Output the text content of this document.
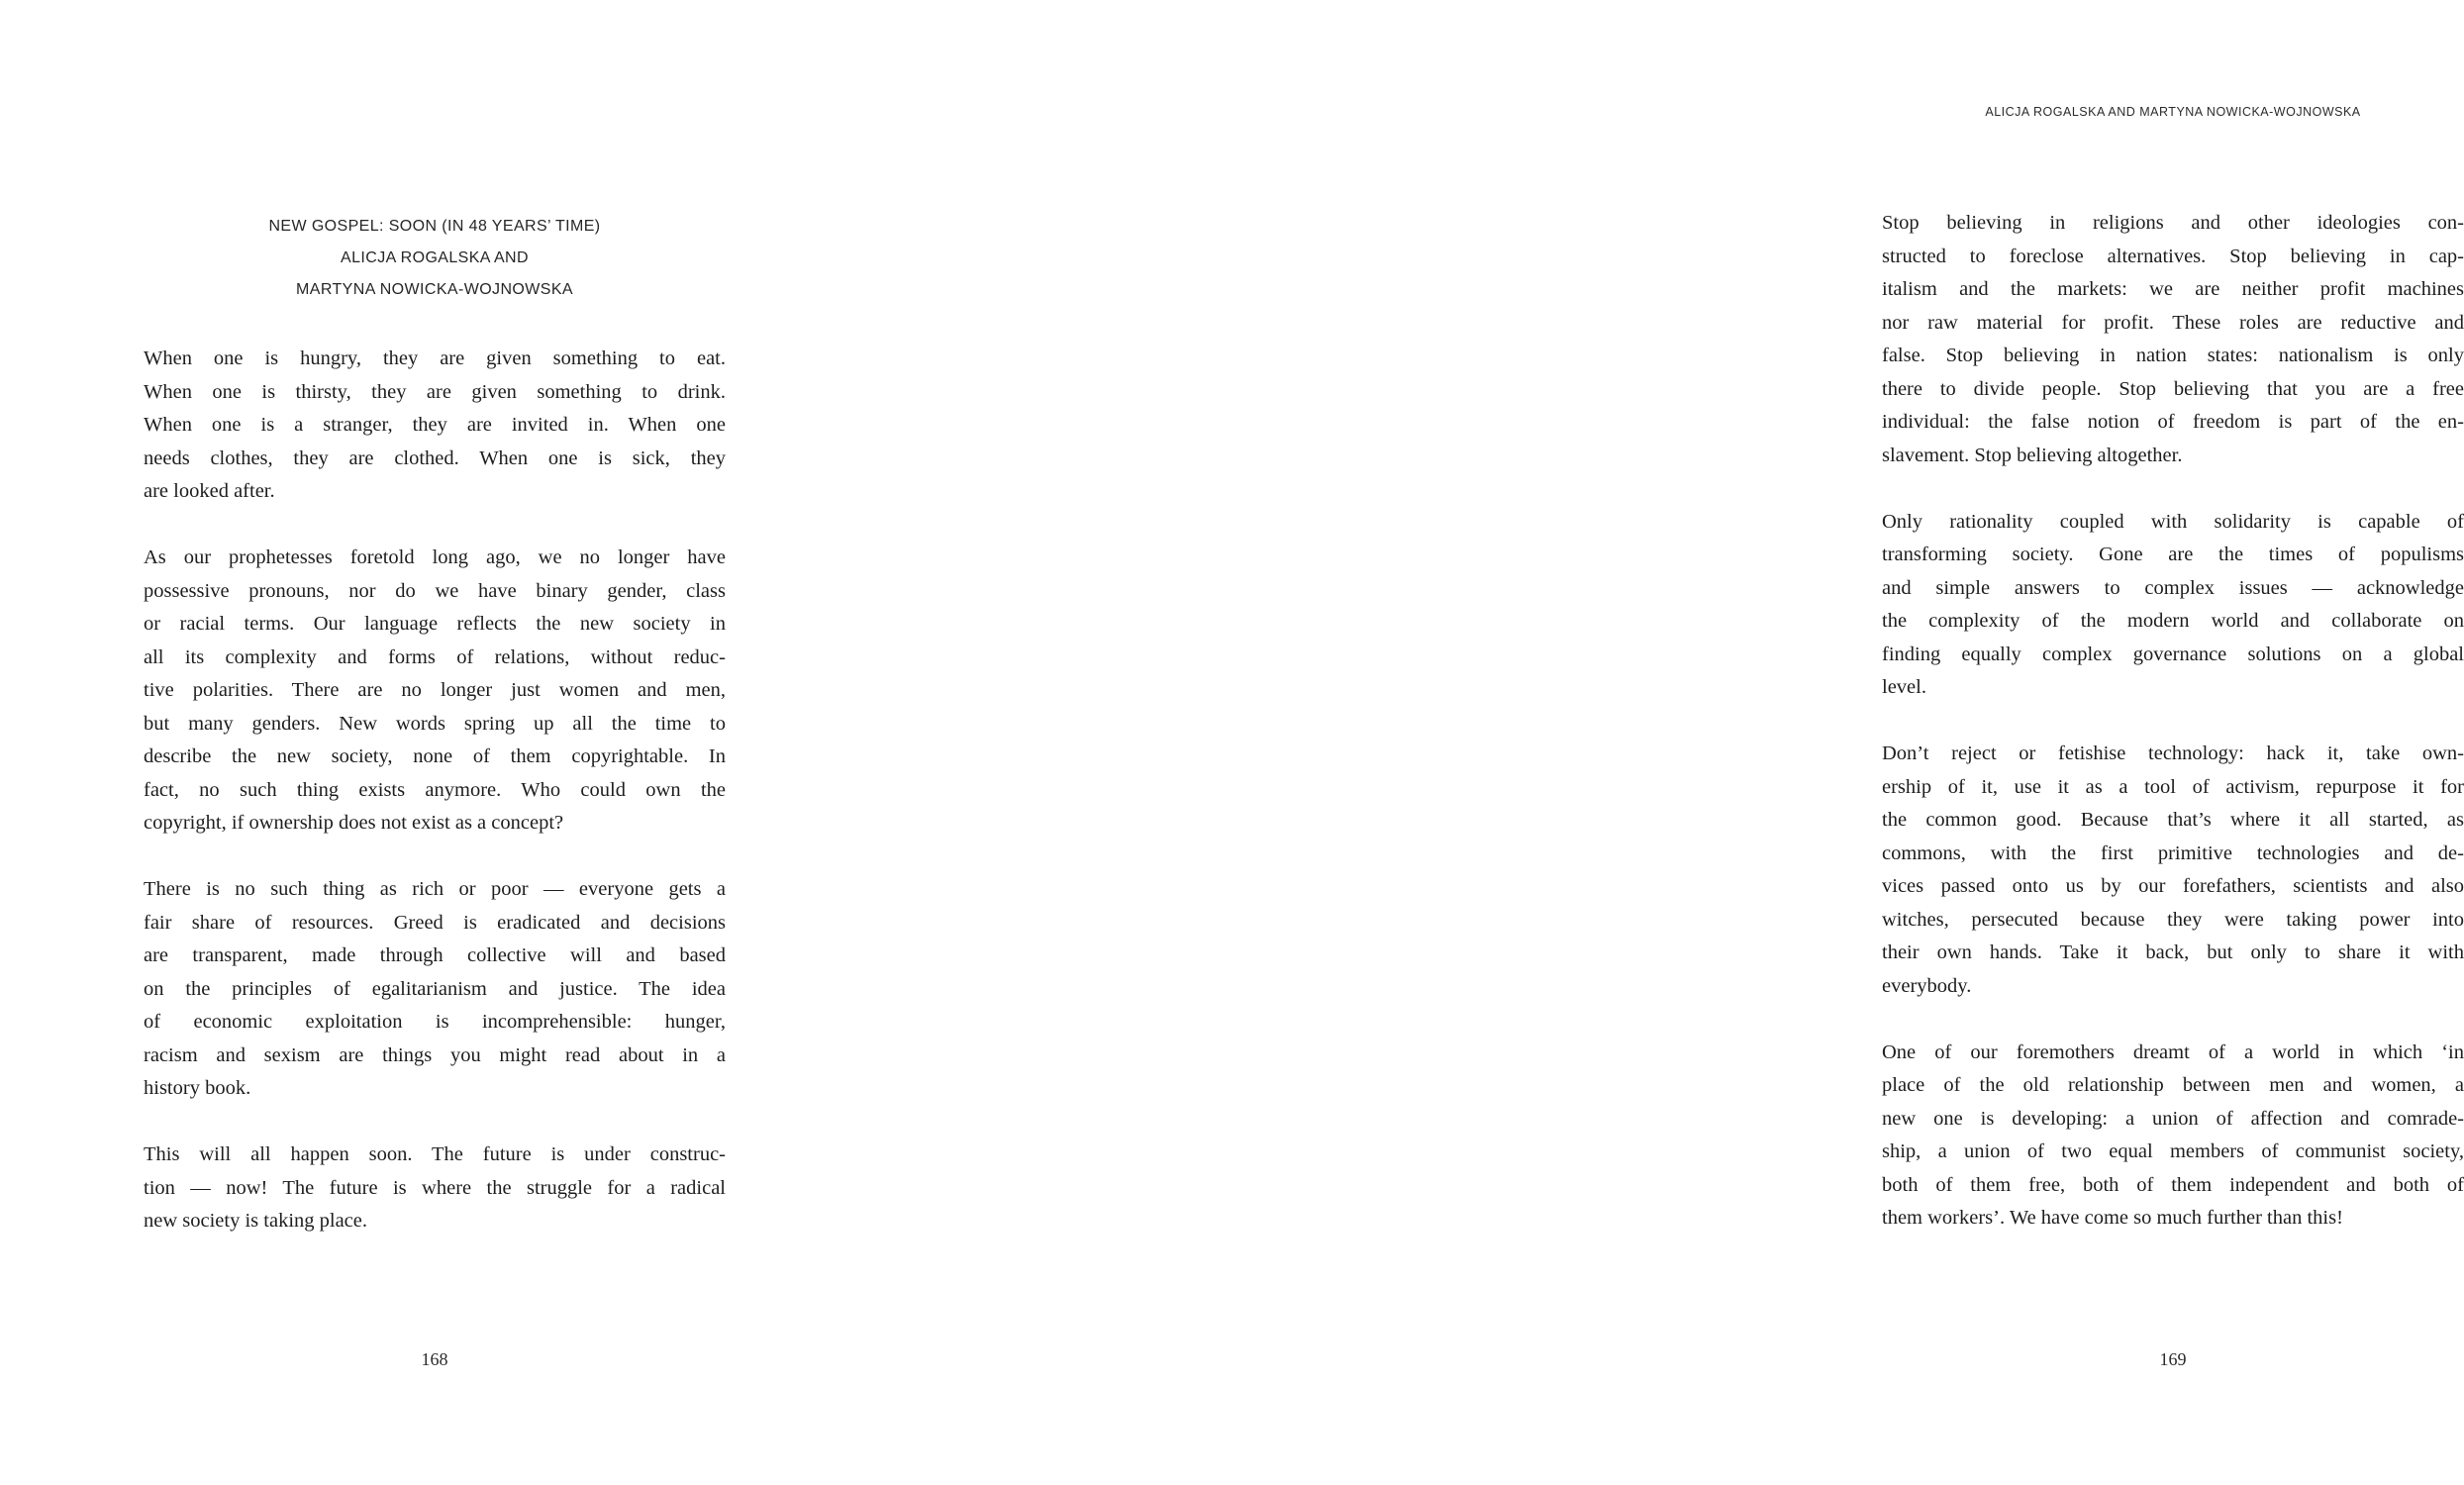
NEW GOSPEL: SOON (IN 48 YEARS’ TIME)
ALICJA ROGALSKA AND
MARTYNA NOWICKA-WOJNOWSKA
When one is hungry, they are given something to eat.
When one is thirsty, they are given something to drink.
When one is a stranger, they are invited in. When one
needs clothes, they are clothed. When one is sick, they
are looked after.
As our prophetesses foretold long ago, we no longer have
possessive pronouns, nor do we have binary gender, class
or racial terms. Our language reflects the new society in
all its complexity and forms of relations, without reduc-
tive polarities. There are no longer just women and men,
but many genders. New words spring up all the time to
describe the new society, none of them copyrightable. In
fact, no such thing exists anymore. Who could own the
copyright, if ownership does not exist as a concept?
There is no such thing as rich or poor — everyone gets a
fair share of resources. Greed is eradicated and decisions
are transparent, made through collective will and based
on the principles of egalitarianism and justice. The idea
of economic exploitation is incomprehensible: hunger,
racism and sexism are things you might read about in a
history book.
This will all happen soon. The future is under construc-
tion — now! The future is where the struggle for a radical
new society is taking place.
168
ALICJA ROGALSKA AND MARTYNA NOWICKA-WOJNOWSKA
Stop believing in religions and other ideologies con-
structed to foreclose alternatives. Stop believing in cap-
italism and the markets: we are neither profit machines
nor raw material for profit. These roles are reductive and
false. Stop believing in nation states: nationalism is only
there to divide people. Stop believing that you are a free
individual: the false notion of freedom is part of the en-
slavement. Stop believing altogether.
Only rationality coupled with solidarity is capable of
transforming society. Gone are the times of populisms
and simple answers to complex issues — acknowledge
the complexity of the modern world and collaborate on
finding equally complex governance solutions on a global
level.
Don’t reject or fetishise technology: hack it, take own-
ership of it, use it as a tool of activism, repurpose it for
the common good. Because that’s where it all started, as
commons, with the first primitive technologies and de-
vices passed onto us by our forefathers, scientists and also
witches, persecuted because they were taking power into
their own hands. Take it back, but only to share it with
everybody.
One of our foremothers dreamt of a world in which ‘in
place of the old relationship between men and women, a
new one is developing: a union of affection and comrade-
ship, a union of two equal members of communist society,
both of them free, both of them independent and both of
them workers’. We have come so much further than this!
169
